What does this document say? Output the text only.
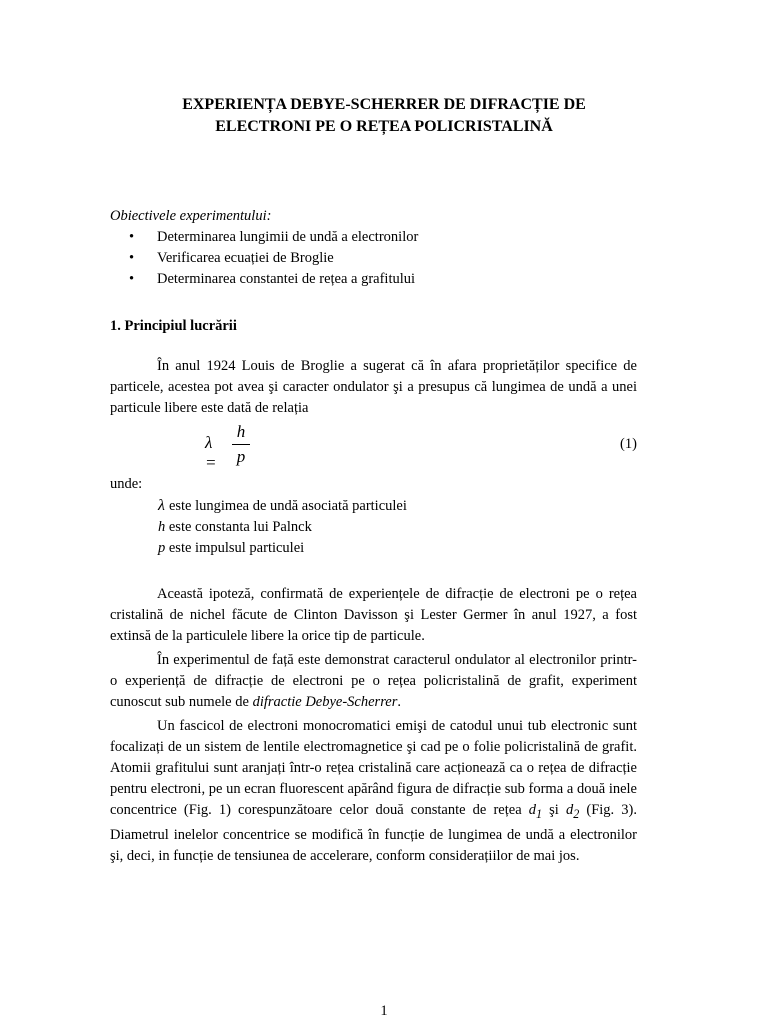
EXPERIENȚA DEBYE-SCHERRER DE DIFRACȚIE DE
ELECTRONI PE O REȚEA POLICRISTALINĂ
Obiectivele experimentului:
• Determinarea lungimii de undă a electronilor
• Verificarea ecuației de Broglie
• Determinarea constantei de rețea a grafitului
1. Principiul lucrării

În anul 1924 Louis de Broglie a sugerat că în afara proprietăților specifice de particele, acestea pot avea şi caracter ondulator şi a presupus că lungimea de undă a unei particule libere este dată de relația

λ =
h
p
(1)
unde:
λ este lungimea de undă asociată particulei
h este constanta lui Palnck
p este impulsul particulei

Această ipoteză, confirmată de experiențele de difracție de electroni pe o rețea cristalină de nichel făcute de Clinton Davisson şi Lester Germer în anul 1927, a fost extinsă de la particulele libere la orice tip de particule.

În experimentul de față este demonstrat caracterul ondulator al electronilor printr-o experiență de difracție de electroni pe o rețea policristalină de grafit, experiment cunoscut sub numele de difractie Debye-Scherrer.

Un fascicol de electroni monocromatici emişi de catodul unui tub electronic sunt focalizați de un sistem de lentile electromagnetice şi cad pe o folie policristalină de grafit. Atomii grafitului sunt aranjați într-o rețea cristalină care acționează ca o rețea de difracție pentru electroni, pe un ecran fluorescent apărând figura de difracție sub forma a două inele concentrice (Fig. 1) corespunzătoare celor două constante de rețea $d_1$ şi $d_2$ (Fig. 3). Diametrul inelelor concentrice se modifică în funcție de lungimea de undă a electronilor şi, deci, in funcție de tensiunea de accelerare, conform considerațiilor de mai jos.

1
